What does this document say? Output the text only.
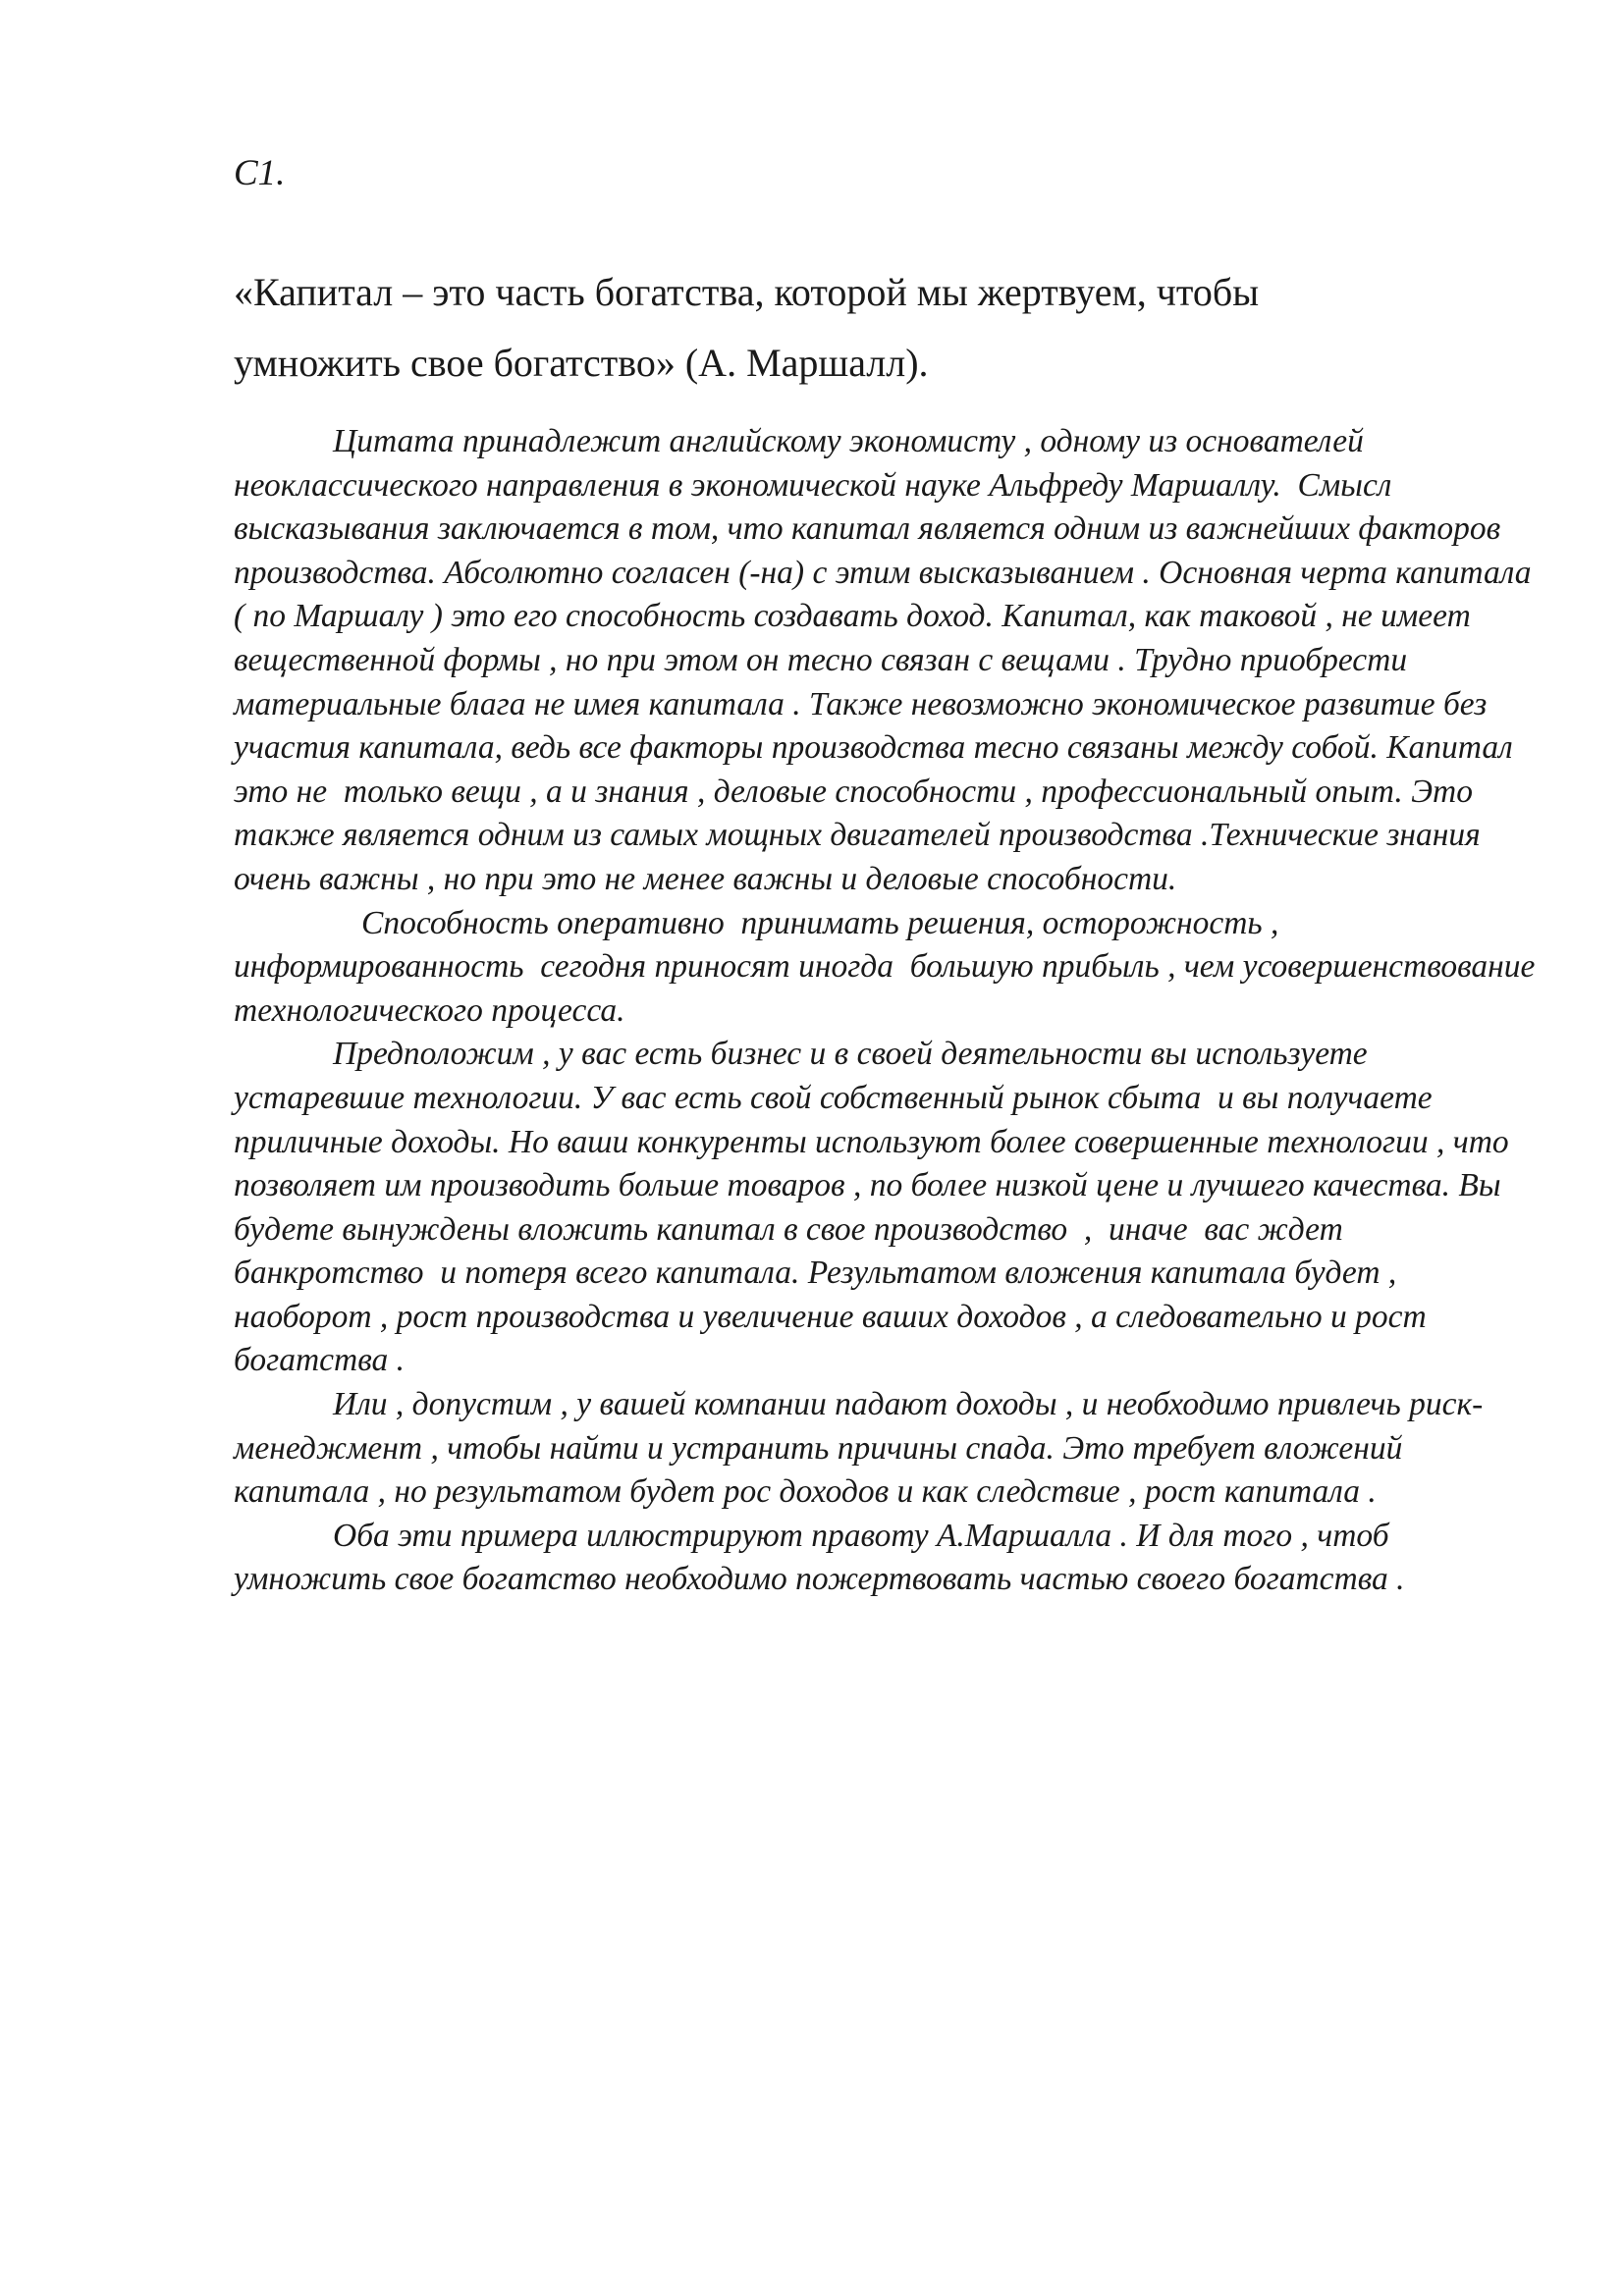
С1.
«Капитал – это часть богатства, которой мы жертвуем, чтобы умножить свое богатство» (А. Маршалл).

Цитата принадлежит английскому экономисту , одному из основателей неоклассического направления в экономической науке Альфреду Маршаллу.  Смысл высказывания заключается в том, что капитал является одним из важнейших факторов производства. Абсолютно согласен (-на) с этим высказыванием . Основная черта капитала ( по Маршалу ) это его способность создавать доход. Капитал, как таковой , не имеет вещественной формы , но при этом он тесно связан с вещами . Трудно приобрести материальные блага не имея капитала . Также невозможно экономическое развитие без участия капитала, ведь все факторы производства тесно связаны между собой. Капитал это не  только вещи , а и знания , деловые способности , профессиональный опыт. Это также является одним из самых мощных двигателей производства .Технические знания очень важны , но при это не менее важны и деловые способности.

Способность оперативно  принимать решения, осторожность , информированность  сегодня приносят иногда  большую прибыль , чем усовершенствование технологического процесса.

Предположим , у вас есть бизнес и в своей деятельности вы используете устаревшие технологии. У вас есть свой собственный рынок сбыта  и вы получаете приличные доходы. Но ваши конкуренты используют более совершенные технологии , что позволяет им производить больше товаров , по более низкой цене и лучшего качества. Вы будете вынуждены вложить капитал в свое производство  ,  иначе  вас ждет банкротство  и потеря всего капитала. Результатом вложения капитала будет , наоборот , рост производства и увеличение ваших доходов , а следовательно и рост богатства .

Или , допустим , у вашей компании падают доходы , и необходимо привлечь риск-менеджмент , чтобы найти и устранить причины спада. Это требует вложений капитала , но результатом будет рос доходов и как следствие , рост капитала .

Оба эти примера иллюстрируют правоту А.Маршалла . И для того , чтоб умножить свое богатство необходимо пожертвовать частью своего богатства .
